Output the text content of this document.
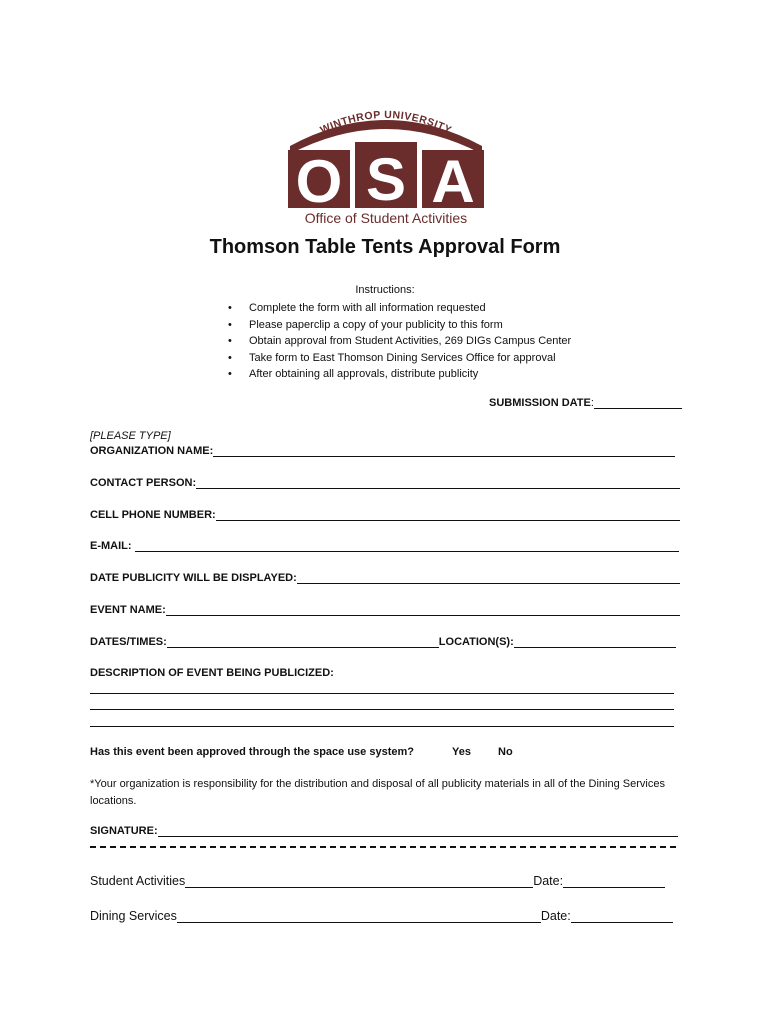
WINTHROP UNIVERSITY
O S A
Office of Student Activities
Thomson Table Tents Approval Form
Instructions:
• Complete the form with all information requested
• Please paperclip a copy of your publicity to this form
• Obtain approval from Student Activities, 269 DIGs Campus Center
• Take form to East Thomson Dining Services Office for approval
• After obtaining all approvals, distribute publicity
SUBMISSION DATE:
[PLEASE TYPE]
ORGANIZATION NAME:
CONTACT PERSON:
CELL PHONE NUMBER:
E-MAIL:
DATE PUBLICITY WILL BE DISPLAYED:
EVENT NAME:
DATES/TIMES:	LOCATION(S):
DESCRIPTION OF EVENT BEING PUBLICIZED:
Has this event been approved through the space use system?	Yes	No
*Your organization is responsibility for the distribution and disposal of all publicity materials in all of the Dining Services locations.
SIGNATURE:
Student Activities	Date:
Dining Services	Date:
